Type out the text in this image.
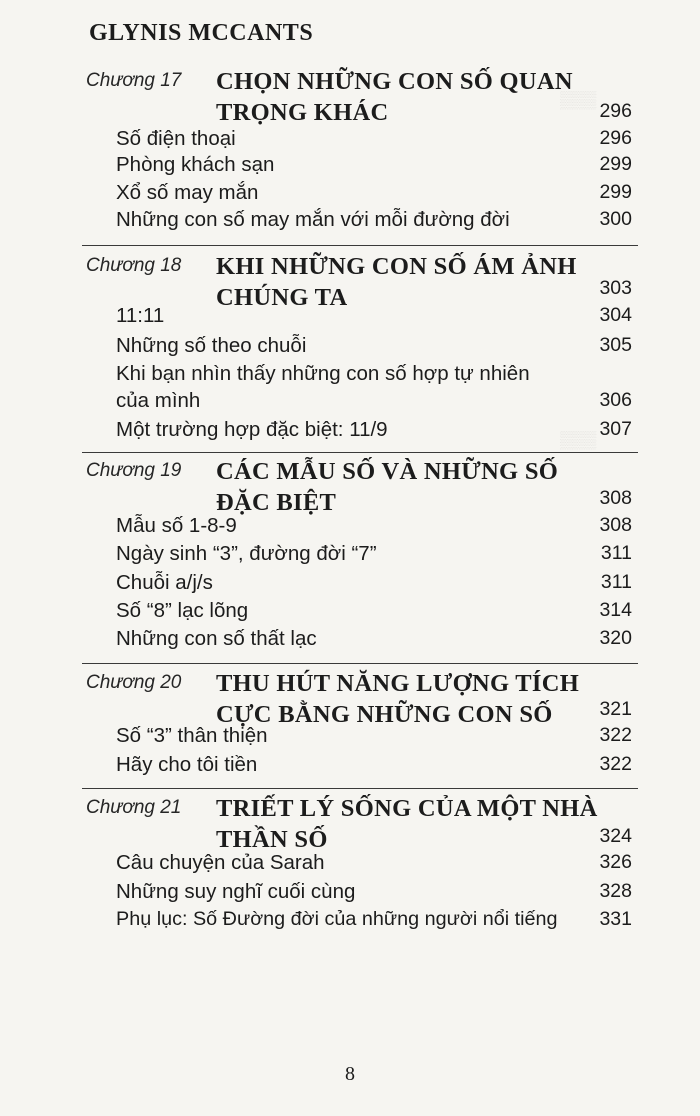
▒▒▒
▒▒▒
GLYNIS MCCANTS
Chương 17 CHỌN NHỮNG CON SỐ QUAN TRỌNG KHÁC	296
Số điện thoại	296
Phòng khách sạn	299
Xổ số may mắn	299
Những con số may mắn với mỗi đường đời	300
Chương 18 KHI NHỮNG CON SỐ ÁM ẢNH CHÚNG TA	303
11:11	304
Những số theo chuỗi	305
Khi bạn nhìn thấy những con số hợp tự nhiên của mình	306
Một trường hợp đặc biệt: 11/9	307
Chương 19 CÁC MẪU SỐ VÀ NHỮNG SỐ ĐẶC BIỆT	308
Mẫu số 1-8-9	308
Ngày sinh “3”, đường đời “7”	311
Chuỗi a/j/s	311
Số “8” lạc lõng	314
Những con số thất lạc	320
Chương 20 THU HÚT NĂNG LƯỢNG TÍCH CỰC BẰNG NHỮNG CON SỐ	321
Số “3” thân thiện	322
Hãy cho tôi tiền	322
Chương 21 TRIẾT LÝ SỐNG CỦA MỘT NHÀ THẦN SỐ	324
Câu chuyện của Sarah	326
Những suy nghĩ cuối cùng	328
Phụ lục: Số Đường đời của những người nổi tiếng	331
8
